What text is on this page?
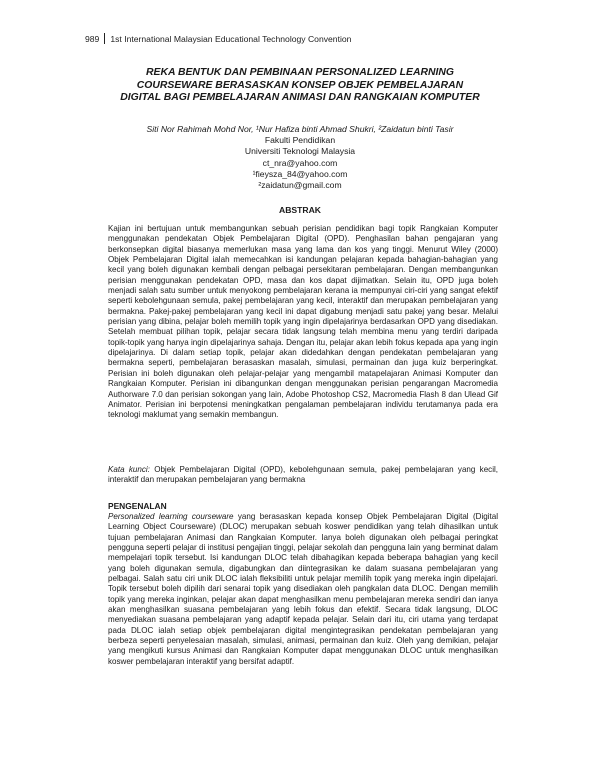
989 1st International Malaysian Educational Technology Convention
REKA BENTUK DAN PEMBINAAN PERSONALIZED LEARNING COURSEWARE BERASASKAN KONSEP OBJEK PEMBELAJARAN DIGITAL BAGI PEMBELAJARAN ANIMASI DAN RANGKAIAN KOMPUTER
Siti Nor Rahimah Mohd Nor, ¹Nur Hafiza binti Ahmad Shukri, ²Zaidatun binti Tasir
Fakulti Pendidikan
Universiti Teknologi Malaysia
ct_nra@yahoo.com
¹fieysza_84@yahoo.com
²zaidatun@gmail.com
ABSTRAK
Kajian ini bertujuan untuk membangunkan sebuah perisian pendidikan bagi topik Rangkaian Komputer menggunakan pendekatan Objek Pembelajaran Digital (OPD). Penghasilan bahan pengajaran yang berkonsepkan digital biasanya memerlukan masa yang lama dan kos yang tinggi. Menurut Wiley (2000) Objek Pembelajaran Digital ialah memecahkan isi kandungan pelajaran kepada bahagian-bahagian yang kecil yang boleh digunakan kembali dengan pelbagai persekitaran pembelajaran. Dengan membangunkan perisian menggunakan pendekatan OPD, masa dan kos dapat dijimatkan. Selain itu, OPD juga boleh menjadi salah satu sumber untuk menyokong pembelajaran kerana ia mempunyai ciri-ciri yang sangat efektif seperti kebolehgunaan semula, pakej pembelajaran yang kecil, interaktif dan merupakan pembelajaran yang bermakna. Pakej-pakej pembelajaran yang kecil ini dapat digabung menjadi satu pakej yang besar. Melalui perisian yang dibina, pelajar boleh memilih topik yang ingin dipelajarinya berdasarkan OPD yang disediakan. Setelah membuat pilihan topik, pelajar secara tidak langsung telah membina menu yang terdiri daripada topik-topik yang hanya ingin dipelajarinya sahaja. Dengan itu, pelajar akan lebih fokus kepada apa yang ingin dipelajarinya. Di dalam setiap topik, pelajar akan didedahkan dengan pendekatan pembelajaran yang bermakna seperti, pembelajaran berasaskan masalah, simulasi, permainan dan juga kuiz berperingkat. Perisian ini boleh digunakan oleh pelajar-pelajar yang mengambil matapelajaran Animasi Komputer dan Rangkaian Komputer. Perisian ini dibangunkan dengan menggunakan perisian pengarangan Macromedia Authorware 7.0 dan perisian sokongan yang lain, Adobe Photoshop CS2, Macromedia Flash 8 dan Ulead Gif Animator. Perisian ini berpotensi meningkatkan pengalaman pembelajaran individu terutamanya pada era teknologi maklumat yang semakin membangun.
Kata kunci: Objek Pembelajaran Digital (OPD), kebolehgunaan semula, pakej pembelajaran yang kecil, interaktif dan merupakan pembelajaran yang bermakna
PENGENALAN
Personalized learning courseware yang berasaskan kepada konsep Objek Pembelajaran Digital (Digital Learning Object Courseware) (DLOC) merupakan sebuah koswer pendidikan yang telah dihasilkan untuk tujuan pembelajaran Animasi dan Rangkaian Komputer. Ianya boleh digunakan oleh pelbagai peringkat pengguna seperti pelajar di institusi pengajian tinggi, pelajar sekolah dan pengguna lain yang berminat dalam mempelajari topik tersebut. Isi kandungan DLOC telah dibahagikan kepada beberapa bahagian yang kecil yang boleh digunakan semula, digabungkan dan diintegrasikan ke dalam suasana pembelajaran yang pelbagai. Salah satu ciri unik DLOC ialah fleksibiliti untuk pelajar memilih topik yang mereka ingin dipelajari. Topik tersebut boleh dipilih dari senarai topik yang disediakan oleh pangkalan data DLOC. Dengan memilih topik yang mereka inginkan, pelajar akan dapat menghasilkan menu pembelajaran mereka sendiri dan ianya akan menghasilkan suasana pembelajaran yang lebih fokus dan efektif. Secara tidak langsung, DLOC menyediakan suasana pembelajaran yang adaptif kepada pelajar. Selain dari itu, ciri utama yang terdapat pada DLOC ialah setiap objek pembelajaran digital mengintegrasikan pendekatan pembelajaran yang berbeza seperti penyelesaian masalah, simulasi, animasi, permainan dan kuiz. Oleh yang demikian, pelajar yang mengikuti kursus Animasi dan Rangkaian Komputer dapat menggunakan DLOC untuk menghasilkan koswer pembelajaran interaktif yang bersifat adaptif.
